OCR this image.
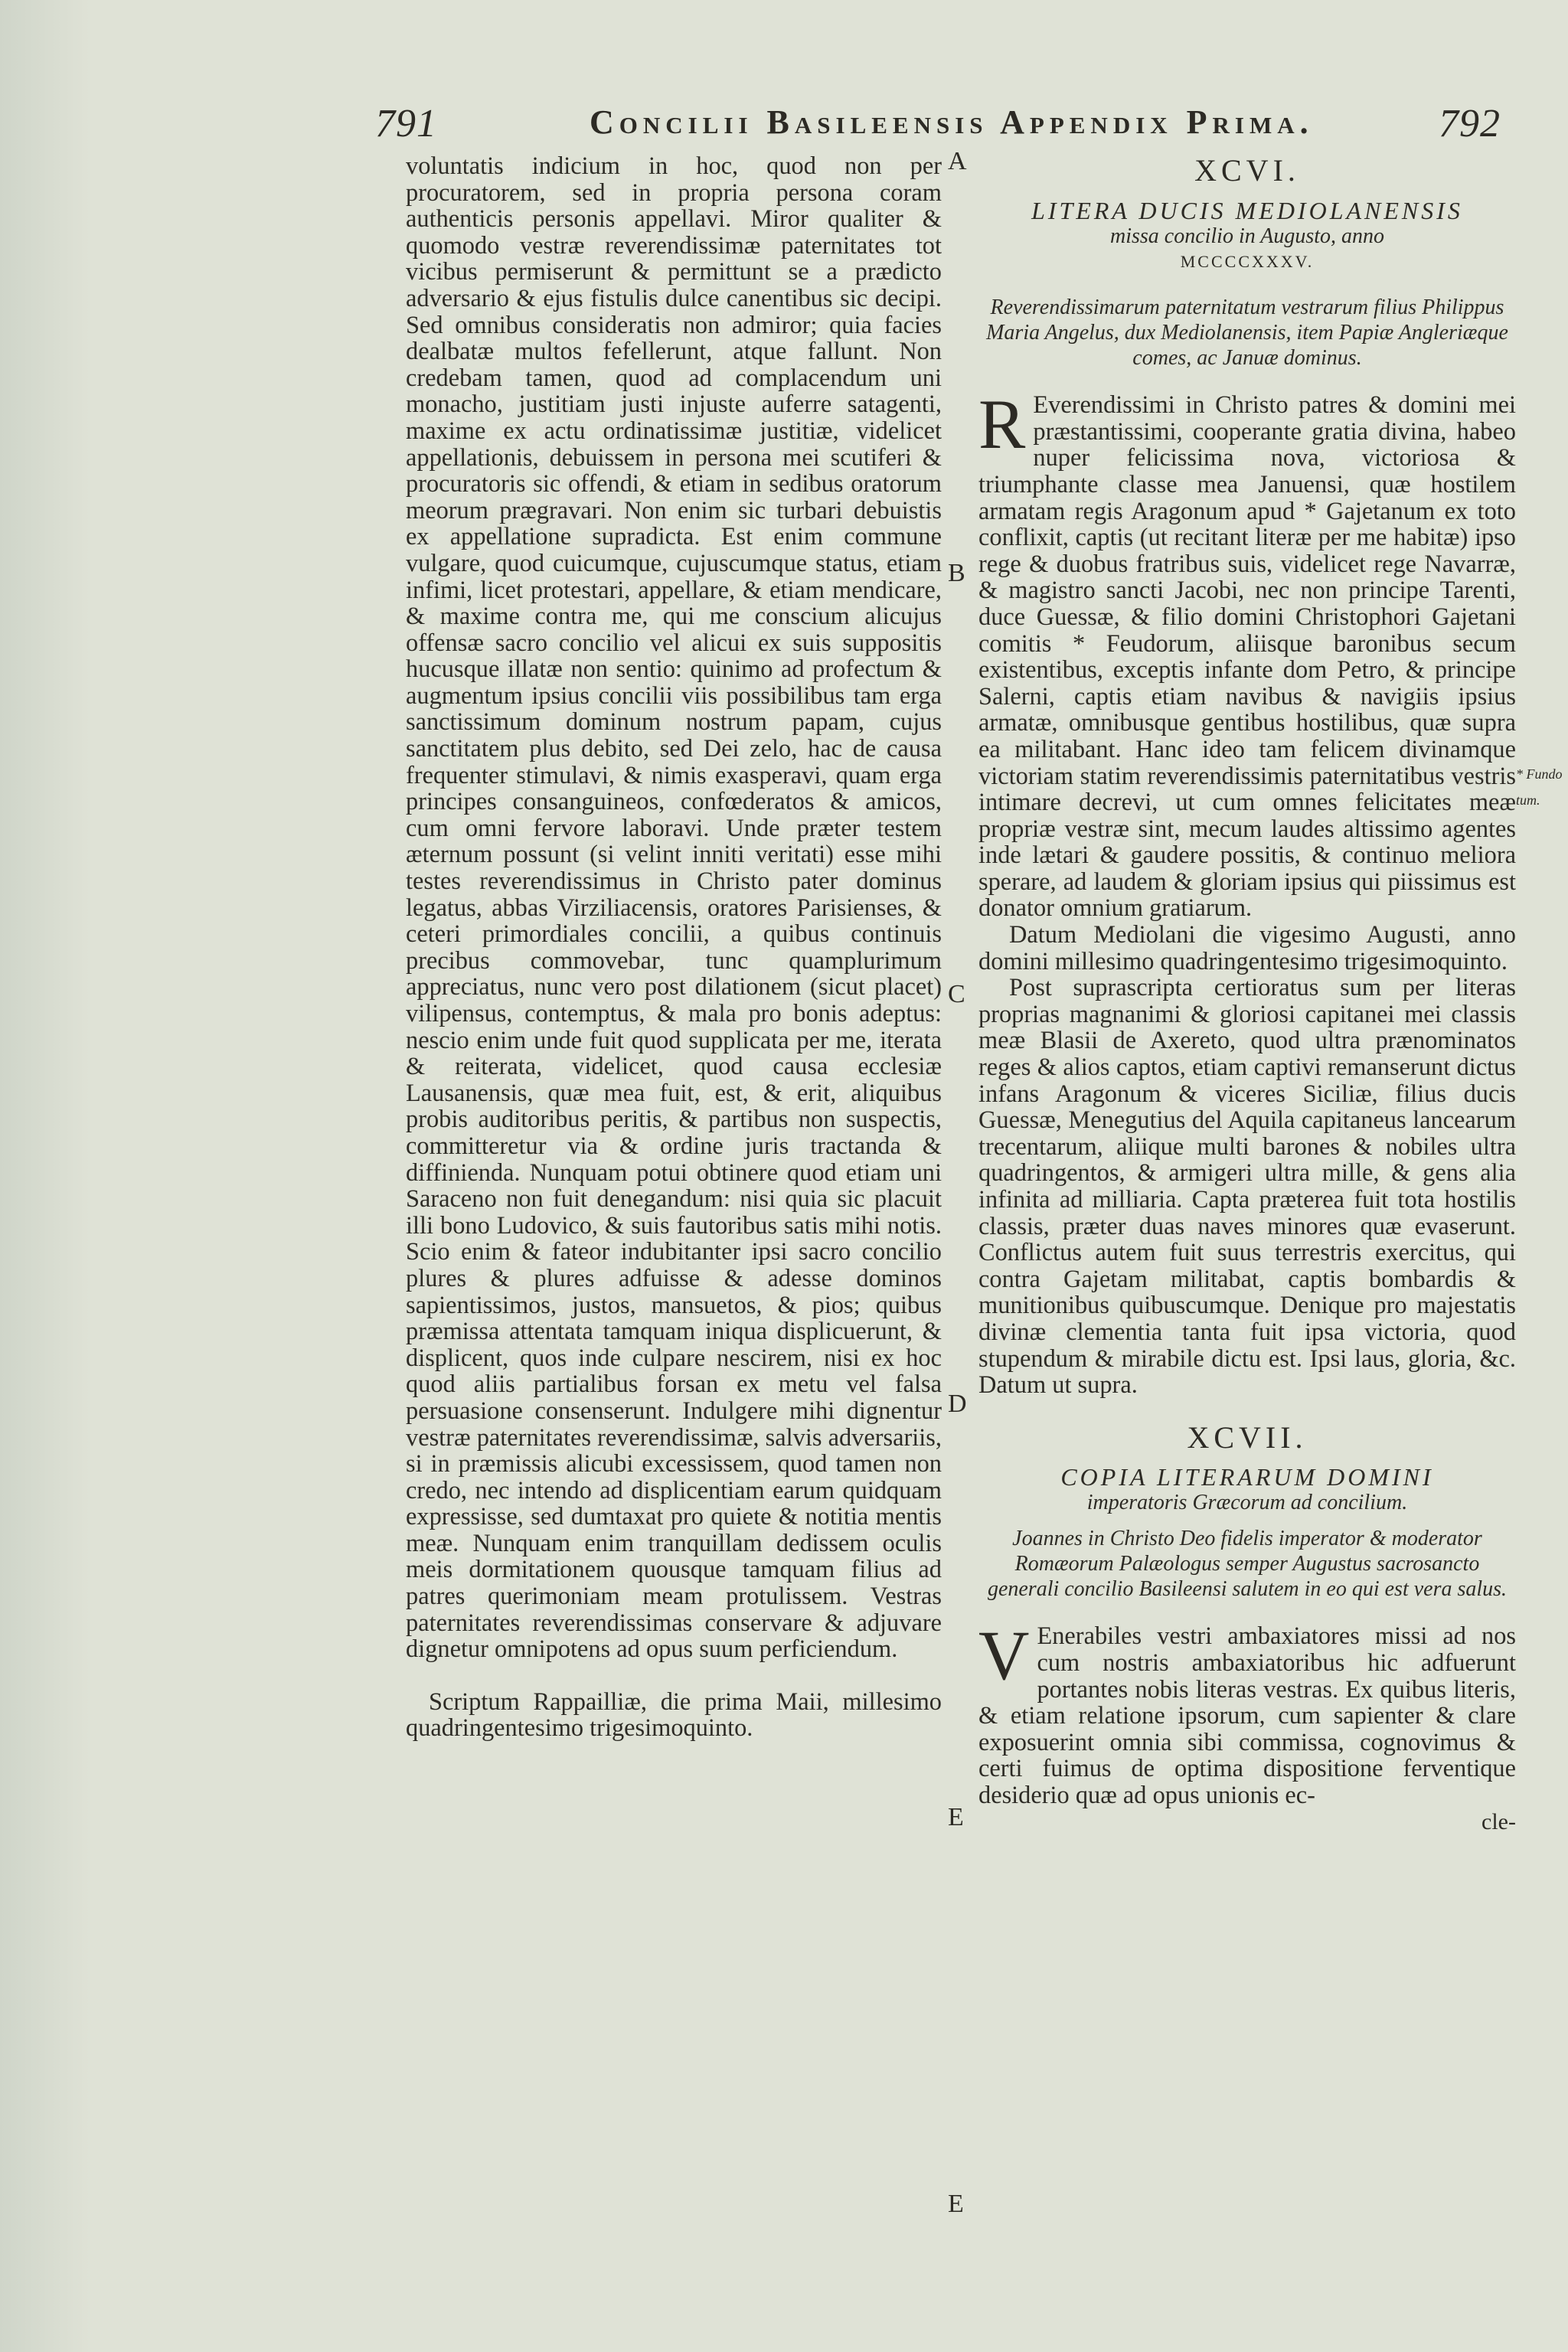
791	Concilii Basileensis Appendix Prima.	792
A
B
C
D
E
E

voluntatis indicium in hoc, quod non per procuratorem, sed in propria persona coram authenticis personis appellavi. Miror qualiter & quomodo vestræ reverendissimæ paternitates tot vicibus permiserunt & permittunt se a prædicto adversario & ejus fistulis dulce canentibus sic decipi. Sed omnibus consideratis non admiror; quia facies dealbatæ multos fefellerunt, atque fallunt. Non credebam tamen, quod ad complacendum uni monacho, justitiam justi injuste auferre satagenti, maxime ex actu ordinatissimæ justitiæ, videlicet appellationis, debuissem in persona mei scutiferi & procuratoris sic offendi, & etiam in sedibus oratorum meorum prægravari. Non enim sic turbari debuistis ex appellatione supradicta. Est enim commune vulgare, quod cuicumque, cujuscumque status, etiam infimi, licet protestari, appellare, & etiam mendicare, & maxime contra me, qui me conscium alicujus offensæ sacro concilio vel alicui ex suis suppositis hucusque illatæ non sentio: quinimo ad profectum & augmentum ipsius concilii viis possibilibus tam erga sanctissimum dominum nostrum papam, cujus sanctitatem plus debito, sed Dei zelo, hac de causa frequenter stimulavi, & nimis exasperavi, quam erga principes consanguineos, confœderatos & amicos, cum omni fervore laboravi. Unde præter testem æternum possunt (si velint inniti veritati) esse mihi testes reverendissimus in Christo pater dominus legatus, abbas Virziliacensis, oratores Parisienses, & ceteri primordiales concilii, a quibus continuis precibus commovebar, tunc quamplurimum appreciatus, nunc vero post dilationem (sicut placet) vilipensus, contemptus, & mala pro bonis adeptus: nescio enim unde fuit quod supplicata per me, iterata & reiterata, videlicet, quod causa ecclesiæ Lausanensis, quæ mea fuit, est, & erit, aliquibus probis auditoribus peritis, & partibus non suspectis, committeretur via & ordine juris tractanda & diffinienda. Nunquam potui obtinere quod etiam uni Saraceno non fuit denegandum: nisi quia sic placuit illi bono Ludovico, & suis fautoribus satis mihi notis. Scio enim & fateor indubitanter ipsi sacro concilio plures & plures adfuisse & adesse dominos sapientissimos, justos, mansuetos, & pios; quibus præmissa attentata tamquam iniqua displicuerunt, & displicent, quos inde culpare nescirem, nisi ex hoc quod aliis partialibus forsan ex metu vel falsa persuasione consenserunt. Indulgere mihi dignentur vestræ paternitates reverendissimæ, salvis adversariis, si in præmissis alicubi excessissem, quod tamen non credo, nec intendo ad displicentiam earum quidquam expressisse, sed dumtaxat pro quiete & notitia mentis meæ. Nunquam enim tranquillam dedissem oculis meis dormitationem quousque tamquam filius ad patres querimoniam meam protulissem. Vestras paternitates reverendissimas conservare & adjuvare dignetur omnipotens ad opus suum perficiendum.

Scriptum Rappailliæ, die prima Maii, millesimo quadringentesimo trigesimoquinto.

XCVI.
LITERA DUCIS MEDIOLANENSIS
missa concilio in Augusto, anno
MCCCCXXXV.
Reverendissimarum paternitatum vestrarum filius Philippus Maria Angelus, dux Mediolanensis, item Papiæ Angleriæque comes, ac Januæ dominus.

R Everendissimi in Christo patres & domini mei præstantissimi, cooperante gratia divina, habeo nuper felicissima nova, victoriosa & triumphante classe mea Januensi, quæ hostilem armatam regis Aragonum apud * Gajetanum ex toto conflixit, captis (ut recitant literæ per me habitæ) ipso rege & duobus fratribus suis, videlicet rege Navarræ, & magistro sancti Jacobi, nec non principe Tarenti, duce Guessæ, & filio domini Christophori Gajetani comitis * Feudorum, aliisque baronibus secum existentibus, exceptis infante dom Petro, & principe Salerni, captis etiam navibus & navigiis ipsius armatæ, omnibusque gentibus hostilibus, quæ supra ea militabant. Hanc ideo tam felicem divinamque victoriam statim reverendissimis paternitatibus vestris intimare decrevi, ut cum omnes felicitates meæ propriæ vestræ sint, mecum laudes altissimo agentes inde lætari & gaudere possitis, & continuo meliora sperare, ad laudem & gloriam ipsius qui piissimus est donator omnium gratiarum.

Datum Mediolani die vigesimo Augusti, anno domini millesimo quadringentesimo trigesimoquinto.

Post suprascripta certioratus sum per literas proprias magnanimi & gloriosi capitanei mei classis meæ Blasii de Axereto, quod ultra prænominatos reges & alios captos, etiam captivi remanserunt dictus infans Aragonum & viceres Siciliæ, filius ducis Guessæ, Menegutius del Aquila capitaneus lancearum trecentarum, aliique multi barones & nobiles ultra quadringentos, & armigeri ultra mille, & gens alia infinita ad milliaria. Capta præterea fuit tota hostilis classis, præter duas naves minores quæ evaserunt. Conflictus autem fuit suus terrestris exercitus, qui contra Gajetam militabat, captis bombardis & munitionibus quibuscumque. Denique pro majestatis divinæ clementia tanta fuit ipsa victoria, quod stupendum & mirabile dictu est. Ipsi laus, gloria, &c. Datum ut supra.

XCVII.
COPIA LITERARUM DOMINI
imperatoris Græcorum ad concilium.
Joannes in Christo Deo fidelis imperator & moderator Romæorum Palæologus semper Augustus sacrosancto generali concilio Basileensi salutem in eo qui est vera salus.

V Enerabiles vestri ambaxiatores missi ad nos cum nostris ambaxiatoribus hic adfuerunt portantes nobis literas vestras. Ex quibus literis, & etiam relatione ipsorum, cum sapienter & clare exposuerint omnia sibi commissa, cognovimus & certi fuimus de optima dispositione ferventique desiderio quæ ad opus unionis ec-

cle-
* Fundo
tum.
